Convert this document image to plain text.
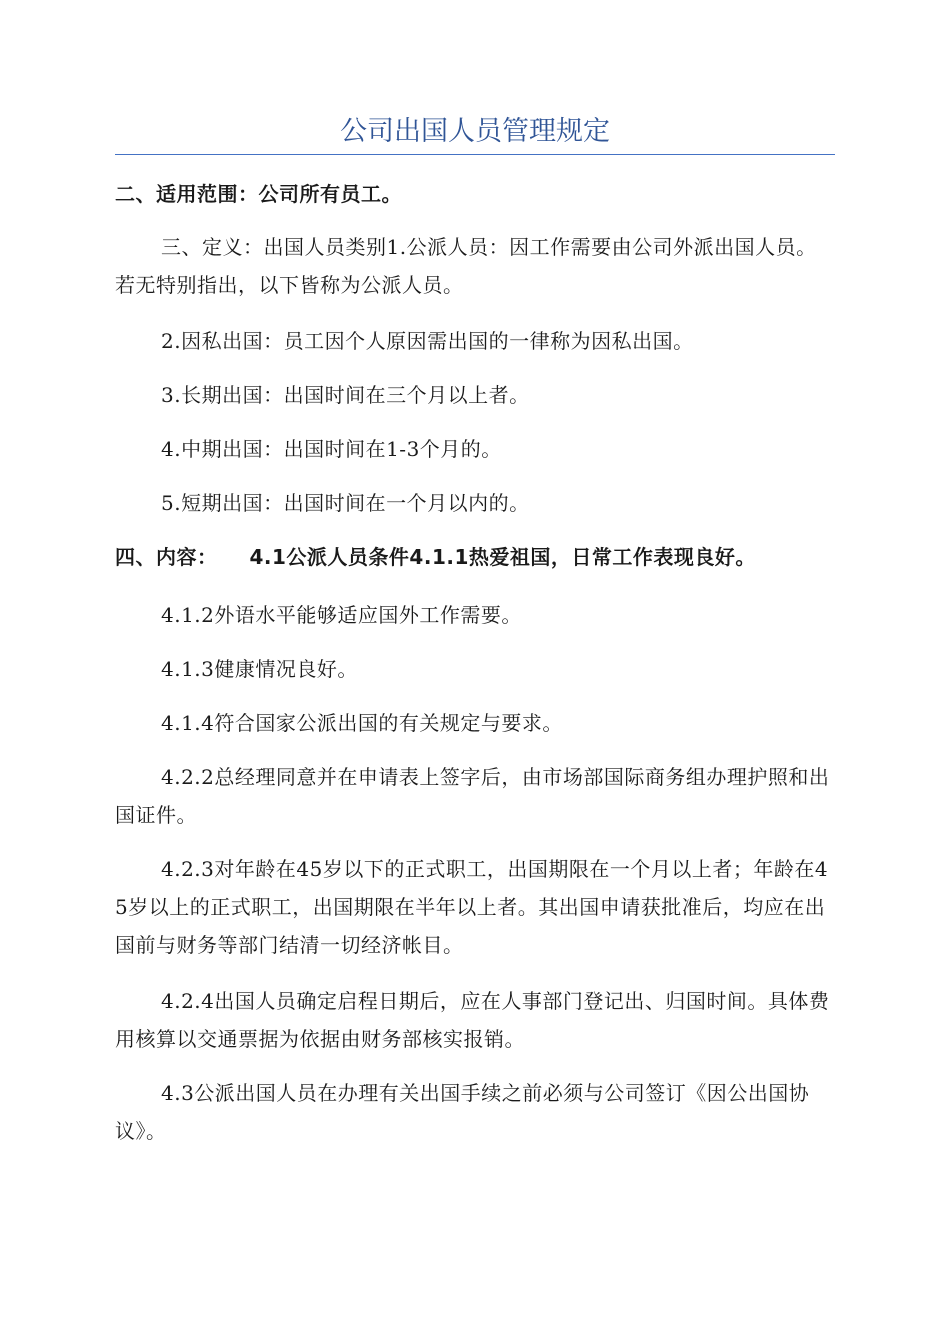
公司出国人员管理规定

二、适用范围：公司所有员工。

三、定义：出国人员类别1.公派人员：因工作需要由公司外派出国人员。若无特别指出，以下皆称为公派人员。

2.因私出国：员工因个人原因需出国的一律称为因私出国。

3.长期出国：出国时间在三个月以上者。

4.中期出国：出国时间在1-3个月的。

5.短期出国：出国时间在一个月以内的。

四、内容： 4.1公派人员条件4.1.1热爱祖国，日常工作表现良好。

4.1.2外语水平能够适应国外工作需要。

4.1.3健康情况良好。

4.1.4符合国家公派出国的有关规定与要求。

4.2.2总经理同意并在申请表上签字后，由市场部国际商务组办理护照和出国证件。

4.2.3对年龄在45岁以下的正式职工，出国期限在一个月以上者；年龄在45岁以上的正式职工，出国期限在半年以上者。其出国申请获批准后，均应在出国前与财务等部门结清一切经济帐目。

4.2.4出国人员确定启程日期后，应在人事部门登记出、归国时间。具体费用核算以交通票据为依据由财务部核实报销。

4.3公派出国人员在办理有关出国手续之前必须与公司签订《因公出国协议》。
